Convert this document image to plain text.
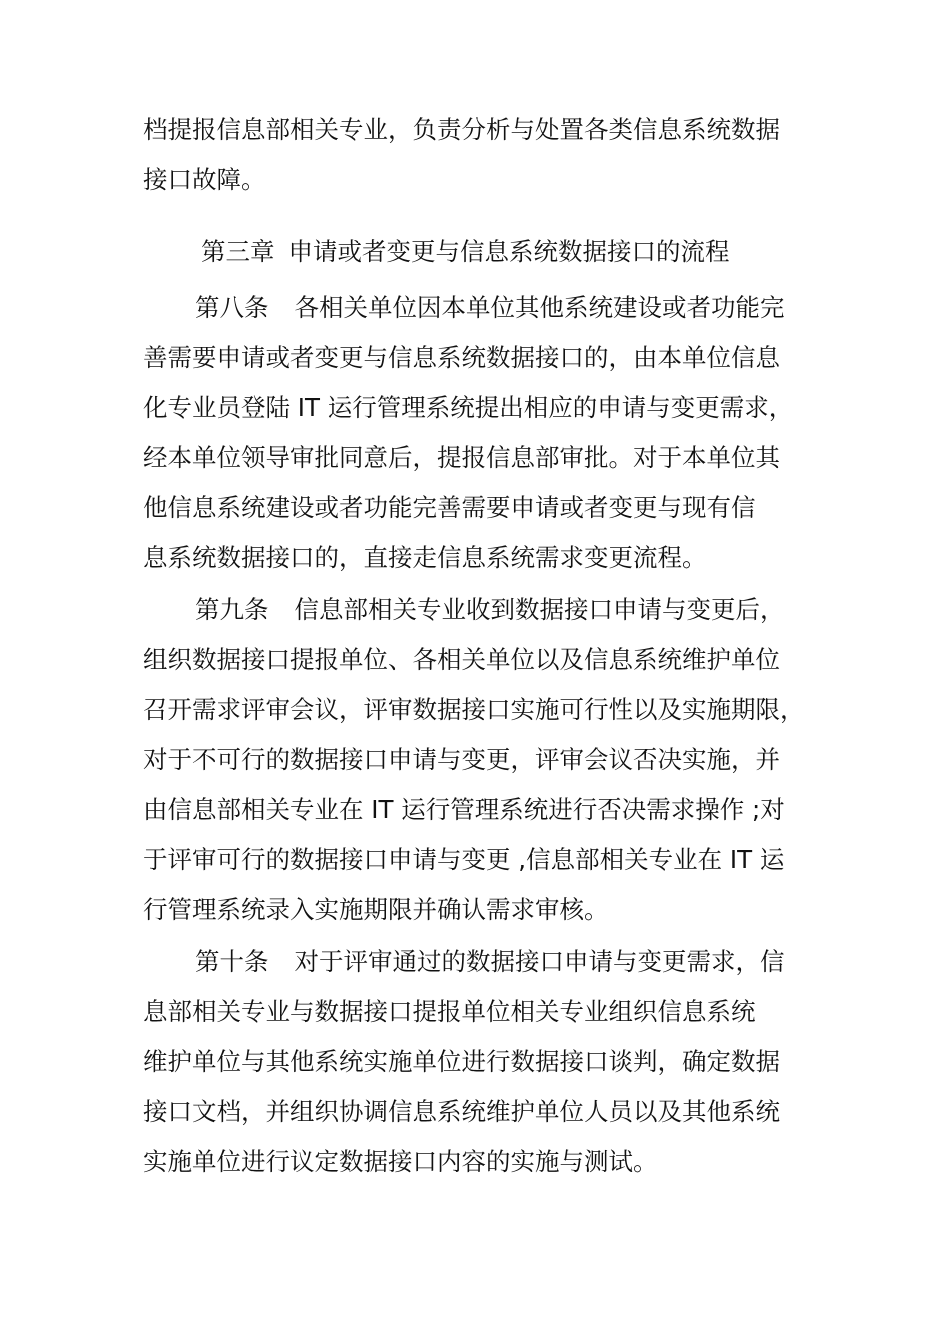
档提报信息部相关专业，负责分析与处置各类信息系统数据
接口故障。
第三章 申请或者变更与信息系统数据接口的流程
第八条 各相关单位因本单位其他系统建设或者功能完
善需要申请或者变更与信息系统数据接口的，由本单位信息
化专业员登陆 IT 运行管理系统提出相应的申请与变更需求，
经本单位领导审批同意后，提报信息部审批。对于本单位其
他信息系统建设或者功能完善需要申请或者变更与现有信
息系统数据接口的，直接走信息系统需求变更流程。
第九条 信息部相关专业收到数据接口申请与变更后，
组织数据接口提报单位、各相关单位以及信息系统维护单位
召开需求评审会议，评审数据接口实施可行性以及实施期限，
对于不可行的数据接口申请与变更，评审会议否决实施，并
由信息部相关专业在 IT 运行管理系统进行否决需求操作 ;对
于评审可行的数据接口申请与变更 ,信息部相关专业在 IT 运
行管理系统录入实施期限并确认需求审核。
第十条 对于评审通过的数据接口申请与变更需求，信
息部相关专业与数据接口提报单位相关专业组织信息系统
维护单位与其他系统实施单位进行数据接口谈判，确定数据
接口文档，并组织协调信息系统维护单位人员以及其他系统
实施单位进行议定数据接口内容的实施与测试。
